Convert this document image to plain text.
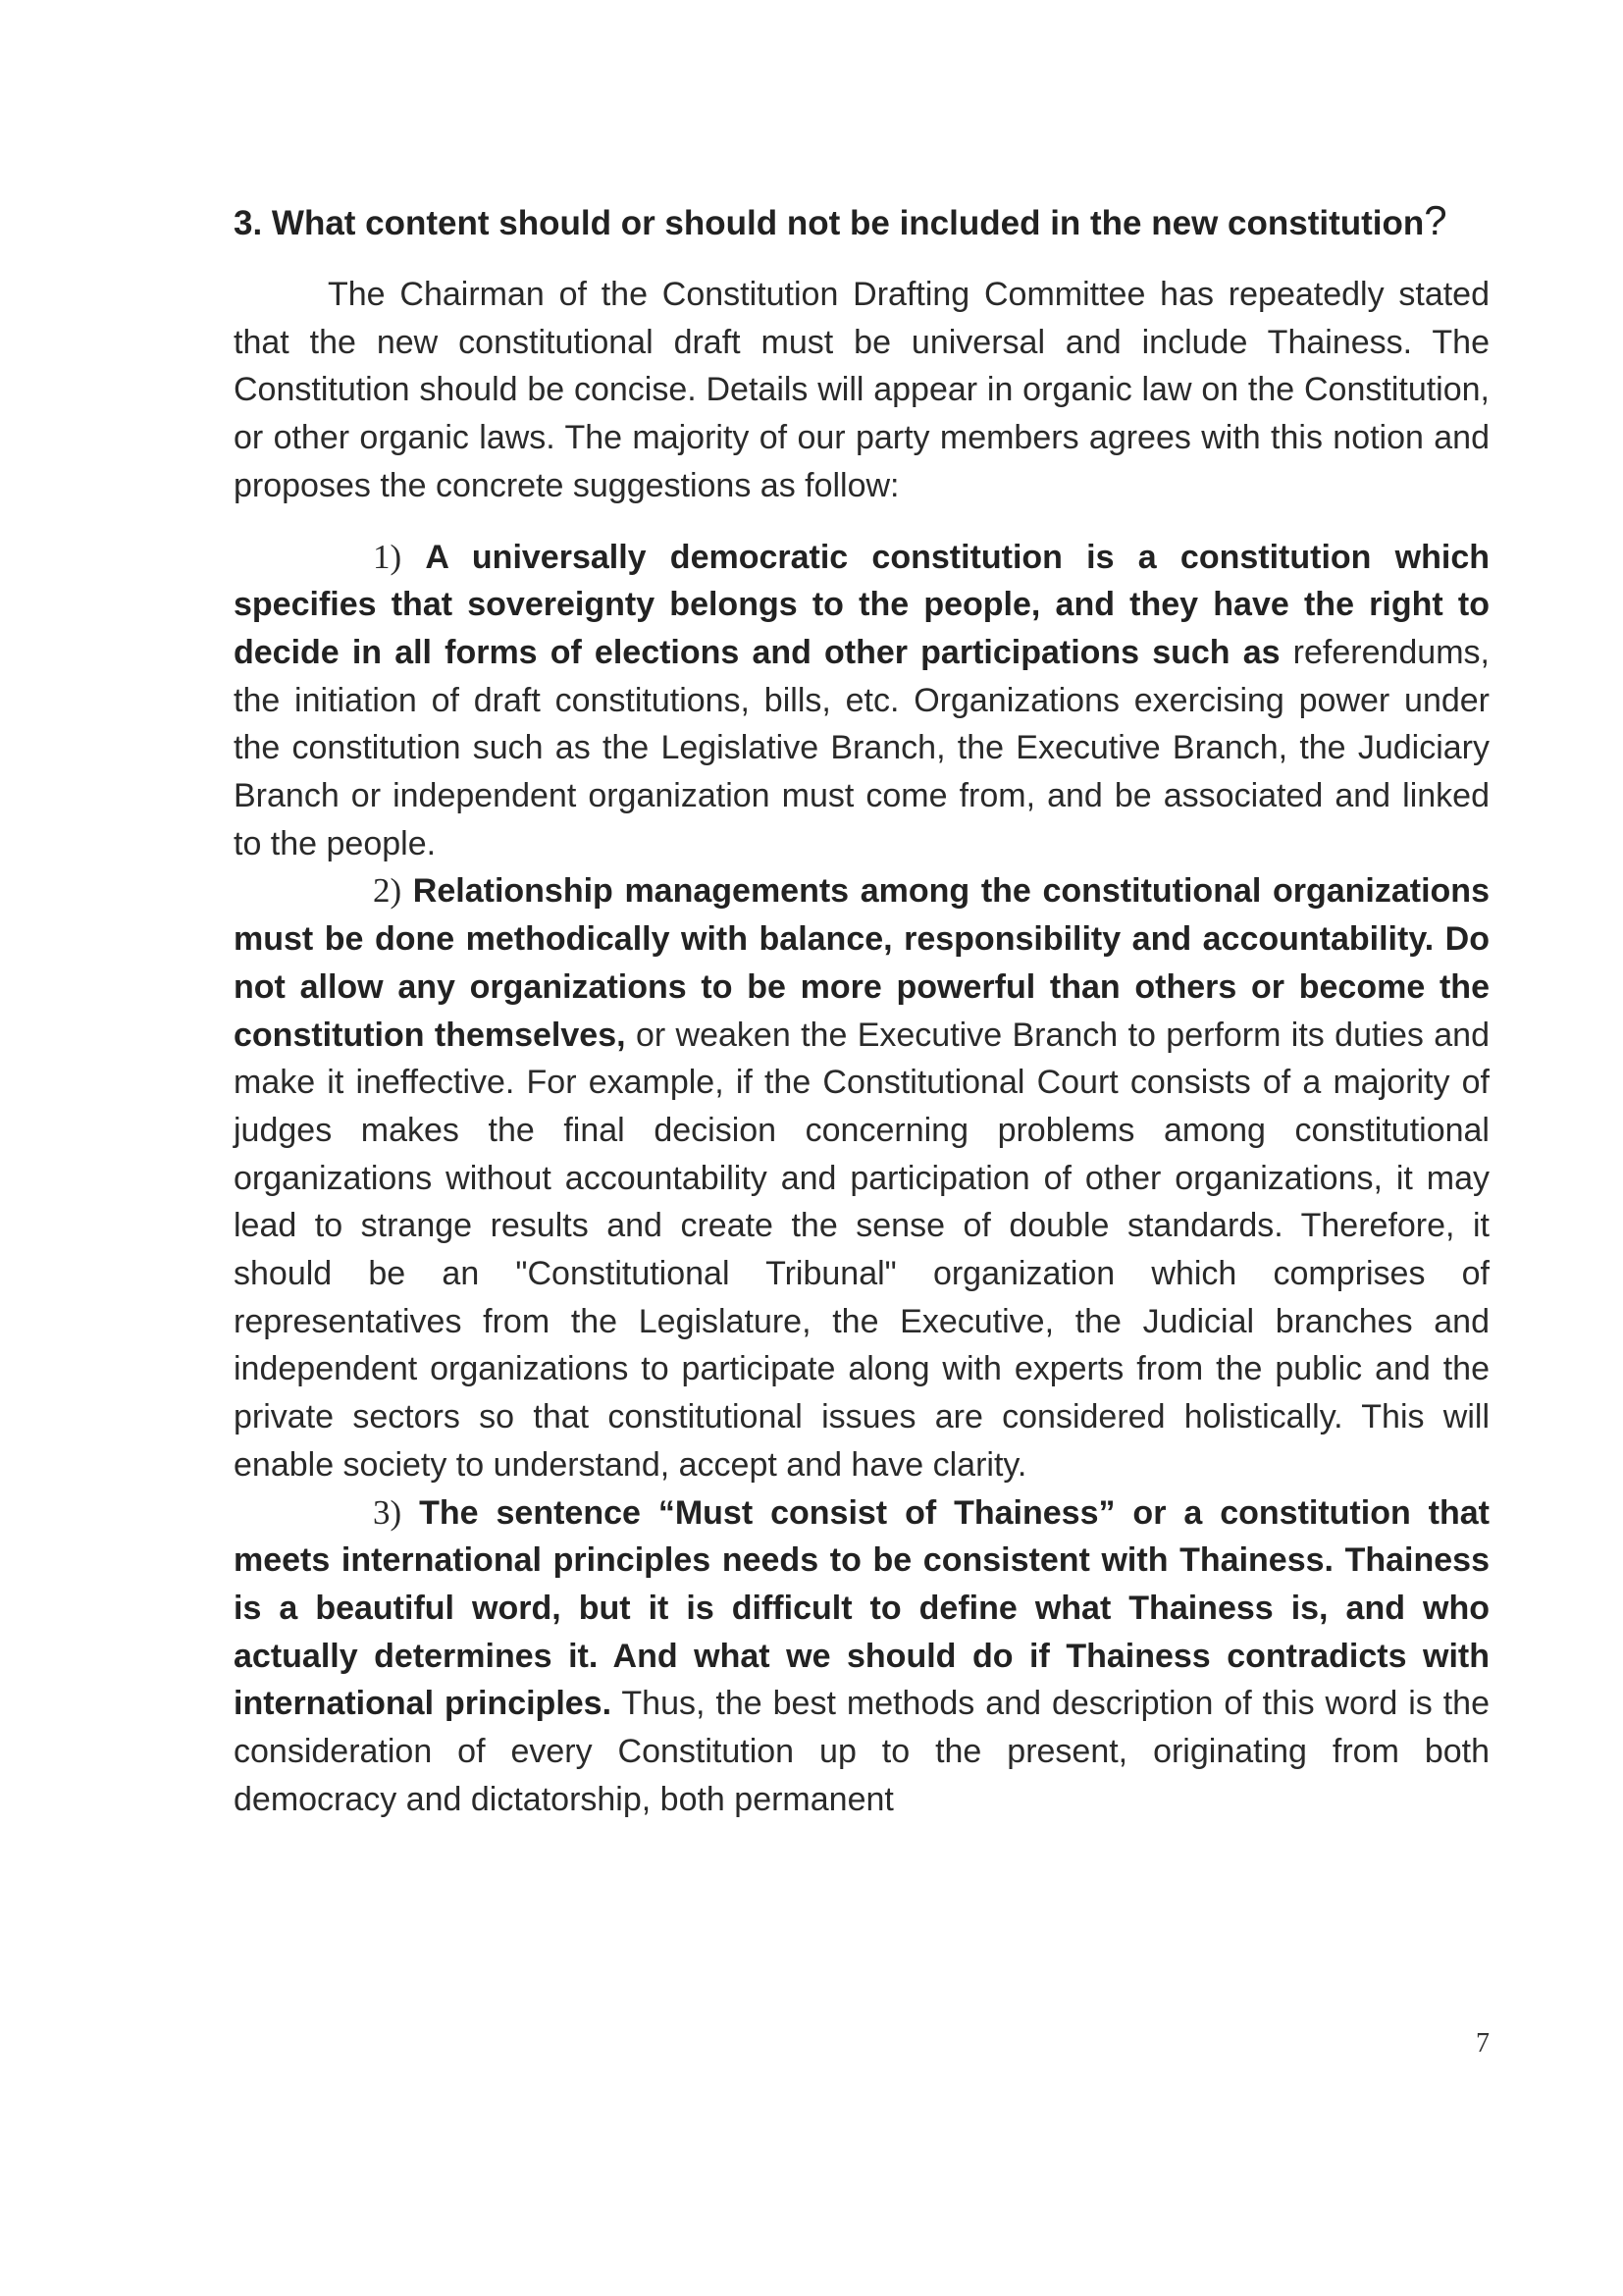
3. What content should or should not be included in the new constitution?

The Chairman of the Constitution Drafting Committee has repeatedly stated that the new constitutional draft must be universal and include Thainess. The Constitution should be concise. Details will appear in organic law on the Constitution, or other organic laws. The majority of our party members agrees with this notion and proposes the concrete suggestions as follow:

1) A universally democratic constitution is a constitution which specifies that sovereignty belongs to the people, and they have the right to decide in all forms of elections and other participations such as referendums, the initiation of draft constitutions, bills, etc. Organizations exercising power under the constitution such as the Legislative Branch, the Executive Branch, the Judiciary Branch or independent organization must come from, and be associated and linked to the people.

2) Relationship managements among the constitutional organizations must be done methodically with balance, responsibility and accountability. Do not allow any organizations to be more powerful than others or become the constitution themselves, or weaken the Executive Branch to perform its duties and make it ineffective. For example, if the Constitutional Court consists of a majority of judges makes the final decision concerning problems among constitutional organizations without accountability and participation of other organizations, it may lead to strange results and create the sense of double standards. Therefore, it should be an "Constitutional Tribunal" organization which comprises of representatives from the Legislature, the Executive, the Judicial branches and independent organizations to participate along with experts from the public and the private sectors so that constitutional issues are considered holistically. This will enable society to understand, accept and have clarity.

3) The sentence “Must consist of Thainess” or a constitution that meets international principles needs to be consistent with Thainess. Thainess is a beautiful word, but it is difficult to define what Thainess is, and who actually determines it. And what we should do if Thainess contradicts with international principles. Thus, the best methods and description of this word is the consideration of every Constitution up to the present, originating from both democracy and dictatorship, both permanent

7
